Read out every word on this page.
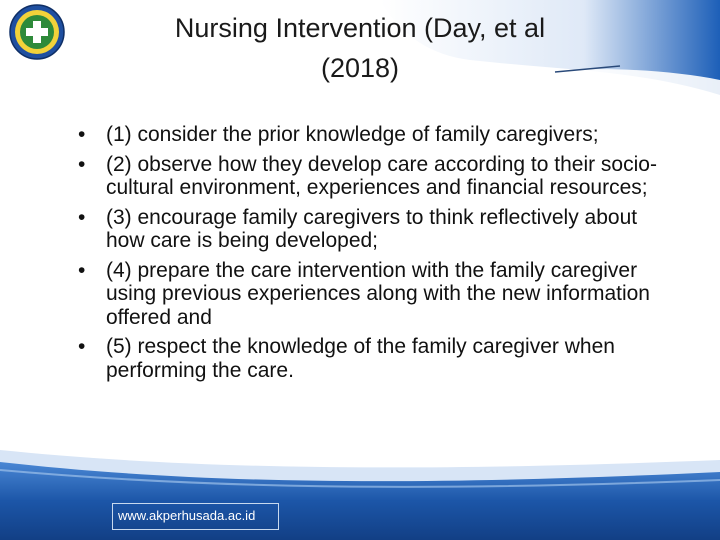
Nursing Intervention (Day, et al
(2018)
• (1) consider the prior knowledge of family caregivers;
• (2) observe how they develop care according to their socio-cultural environment, experiences and financial resources;
• (3) encourage family caregivers to think reflectively about how care is being developed;
• (4) prepare the care intervention with the family caregiver using previous experiences along with the new information offered and
• (5) respect the knowledge of the family caregiver when performing the care.
www.akperhusada.ac.id
